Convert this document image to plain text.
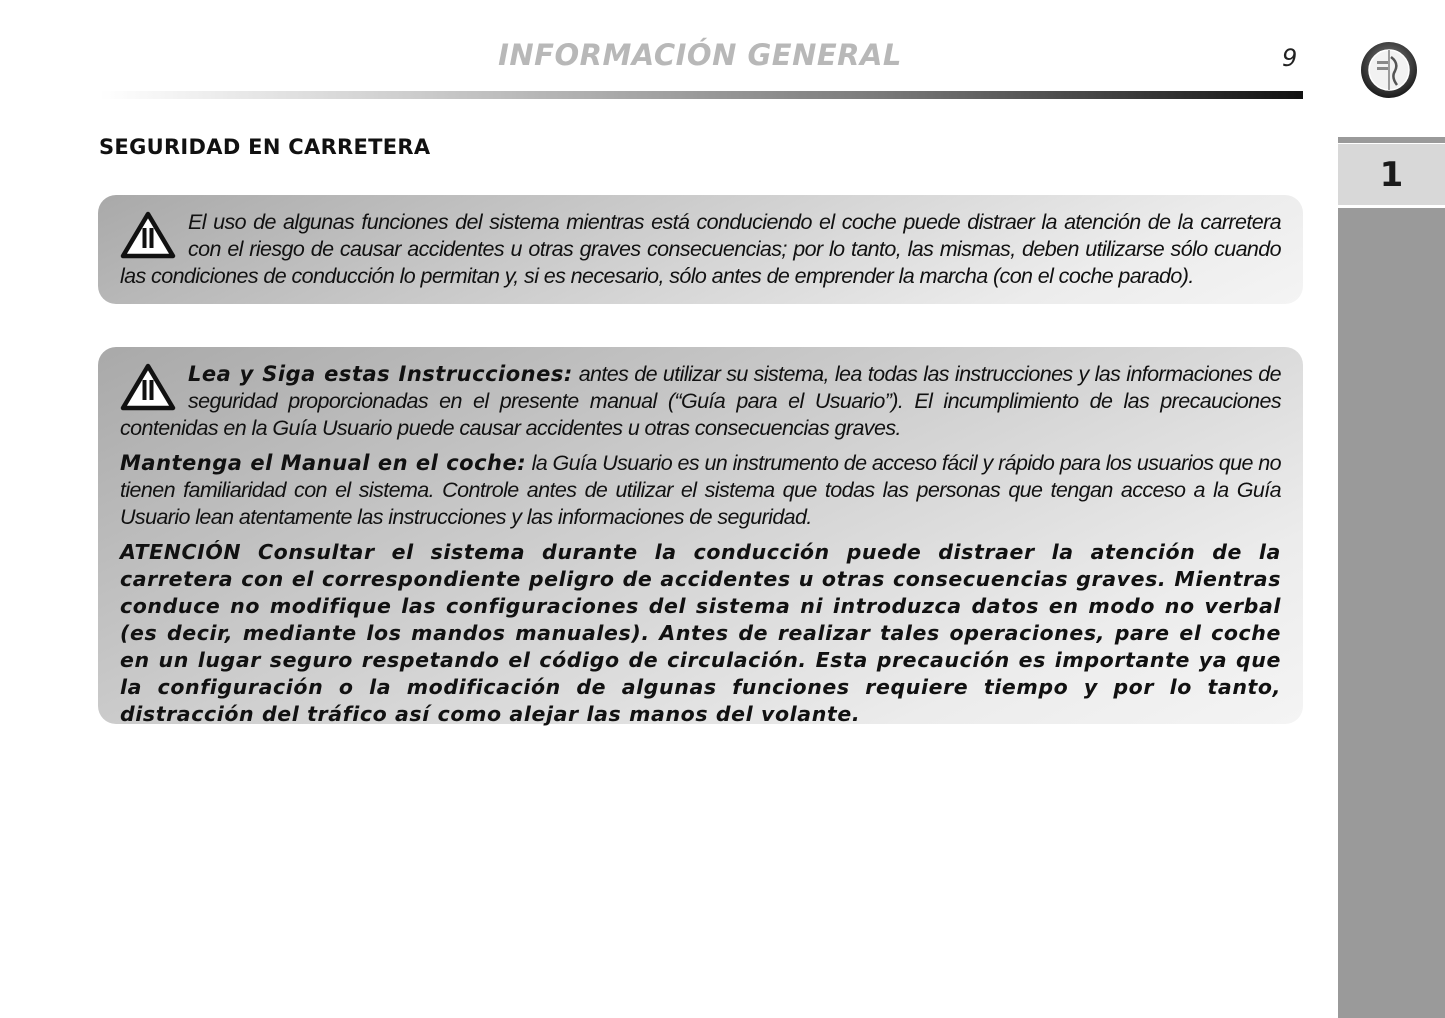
INFORMACIÓN GENERAL	9
1
SEGURIDAD EN CARRETERA

El uso de algunas funciones del sistema mientras está conduciendo el coche puede distraer la atención de la carretera con el riesgo de causar accidentes u otras graves consecuencias; por lo tanto, las mismas, deben utilizarse sólo cuando las condiciones de conducción lo permitan y, si es necesario, sólo antes de emprender la marcha (con el coche parado).

Lea y Siga estas Instrucciones: antes de utilizar su sistema, lea todas las instrucciones y las informaciones de seguridad proporcionadas en el presente manual (“Guía para el Usuario”). El incumplimiento de las precauciones contenidas en la Guía Usuario puede causar accidentes u otras consecuencias graves.

Mantenga el Manual en el coche: la Guía Usuario es un instrumento de acceso fácil y rápido para los usuarios que no tienen familiaridad con el sistema. Controle antes de utilizar el sistema que todas las personas que tengan acceso a la Guía Usuario lean atentamente las instrucciones y las informaciones de seguridad.

ATENCIÓN Consultar el sistema durante la conducción puede distraer la atención de la carretera con el correspondiente peligro de accidentes u otras consecuencias graves. Mientras conduce no modifique las configuraciones del sistema ni introduzca datos en modo no verbal (es decir, mediante los mandos manuales). Antes de realizar tales operaciones, pare el coche en un lugar seguro respetando el código de circulación. Esta precaución es importante ya que la configuración o la modificación de algunas funciones requiere tiempo y por lo tanto, distracción del tráfico así como alejar las manos del volante.
